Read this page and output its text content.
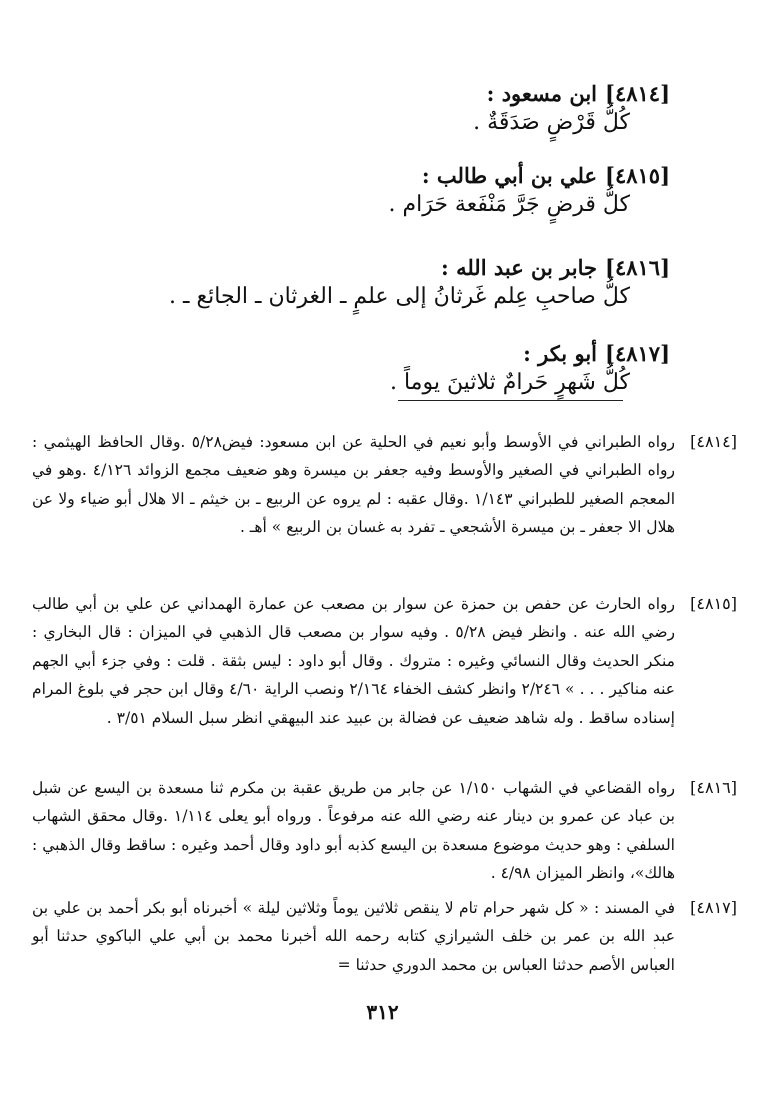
[٤٨١٤]ابن مسعود :
كُلُّ قَرْضٍ صَدَقَةٌ .
[٤٨١٥]علي بن أبي طالب :
كلُّ قرضٍ جَرَّ مَنْفَعة حَرَام .
[٤٨١٦]جابر بن عبد الله :
كلُّ صاحبِ عِلم غَرثانُ إلى علمٍ ـ الغرثان ـ الجائع ـ .
[٤٨١٧]أبو بكر :
كُلُّ شَهرٍ حَرامٌ ثلاثينَ يوماً .
[٤٨١٤]
رواه الطبراني في الأوسط وأبو نعيم في الحلية عن ابن مسعود: فيض٥/٢٨ .وقال الحافظ الهيثمي : رواه الطبراني في الصغير والأوسط وفيه جعفر بن ميسرة وهو ضعيف مجمع الزوائد ٤/١٢٦ .وهو في المعجم الصغير للطبراني ١/١٤٣ .وقال عقبه : لم يروه عن الربيع ـ بن خيثم ـ الا هلال أبو ضياء ولا عن هلال الا جعفر ـ بن ميسرة الأشجعي ـ تفرد به غسان بن الربيع » أهـ .
[٤٨١٥]
رواه الحارث عن حفص بن حمزة عن سوار بن مصعب عن عمارة الهمداني عن علي بن أبي طالب رضي الله عنه . وانظر فيض ٥/٢٨ . وفيه سوار بن مصعب قال الذهبي في الميزان : قال البخاري : منكر الحديث وقال النسائي وغيره : متروك . وقال أبو داود : ليس بثقة . قلت : وفي جزء أبي الجهم عنه مناكير . . . » ٢/٢٤٦ وانظر كشف الخفاء ٢/١٦٤ ونصب الراية ٤/٦٠ وقال ابن حجر في بلوغ المرام إسناده ساقط . وله شاهد ضعيف عن فضالة بن عبيد عند البيهقي انظر سبل السلام ٣/٥١ .
[٤٨١٦]
رواه القضاعي في الشهاب ١/١٥٠ عن جابر من طريق عقبة بن مكرم ثنا مسعدة بن اليسع عن شبل بن عباد عن عمرو بن دينار عنه رضي الله عنه مرفوعاً . ورواه أبو يعلى ١/١١٤ .وقال محقق الشهاب السلفي : وهو حديث موضوع مسعدة بن اليسع كذبه أبو داود وقال أحمد وغيره : ساقط وقال الذهبي : هالك»، وانظر الميزان ٤/٩٨ .
[٤٨١٧]
في المسند : « كل شهر حرام تام لا ينقص ثلاثين يوماً وثلاثين ليلة » أخبرناه أبو بكر أحمد بن علي بن عبد الله بن عمر بن خلف الشيرازي كتابه رحمه الله أخبرنا محمد بن أبي علي الباكوي حدثنا أبو العباس الأصم حدثنا العباس بن محمد الدوري حدثنا =
٠
٣١٢
